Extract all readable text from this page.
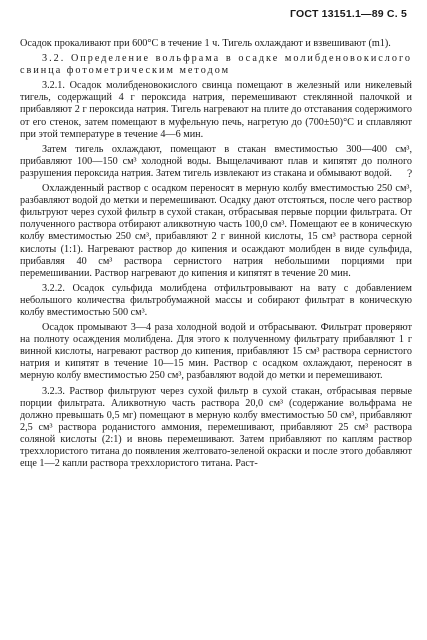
ГОСТ 13151.1—89 С. 5

Осадок прокаливают при 600°C в течение 1 ч. Тигель охлаждают и взвешивают (m1).

3.2. Определение вольфрама в осадке молибденовокислого свинца фотометрическим методом

3.2.1. Осадок молибденовокислого свинца помещают в железный или никелевый тигель, содержащий 4 г пероксида натрия, перемешивают стеклянной палочкой и прибавляют 2 г пероксида натрия. Тигель нагревают на плите до отставания содержимого от его стенок, затем помещают в муфельную печь, нагретую до (700±50)°C и сплавляют при этой температуре в течение 4—6 мин.

Затем тигель охлаждают, помещают в стакан вместимостью 300—400 см³, прибавляют 100—150 см³ холодной воды. Выщелачивают плав и кипятят до полного разрушения пероксида натрия. Затем тигель извлекают из стакана и обмывают водой.

Охлажденный раствор с осадком переносят в мерную колбу вместимостью 250 см³, разбавляют водой до метки и перемешивают. Осадку дают отстояться, после чего раствор фильтруют через сухой фильтр в сухой стакан, отбрасывая первые порции фильтрата. От полученного раствора отбирают аликвотную часть 100,0 см³. Помещают ее в коническую колбу вместимостью 250 см³, прибавляют 2 г винной кислоты, 15 см³ раствора серной кислоты (1:1). Нагревают раствор до кипения и осаждают молибден в виде сульфида, прибавляя 40 см³ раствора сернистого натрия небольшими порциями при перемешивании. Раствор нагревают до кипения и кипятят в течение 20 мин.

3.2.2. Осадок сульфида молибдена отфильтровывают на вату с добавлением небольшого количества фильтробумажной массы и собирают фильтрат в коническую колбу вместимостью 500 см³.

Осадок промывают 3—4 раза холодной водой и отбрасывают. Фильтрат проверяют на полноту осаждения молибдена. Для этого к полученному фильтрату прибавляют 1 г винной кислоты, нагревают раствор до кипения, прибавляют 15 см³ раствора сернистого натрия и кипятят в течение 10—15 мин. Раствор с осадком охлаждают, переносят в мерную колбу вместимостью 250 см³, разбавляют водой до метки и перемешивают.

3.2.3. Раствор фильтруют через сухой фильтр в сухой стакан, отбрасывая первые порции фильтрата. Аликвотную часть раствора 20,0 см³ (содержание вольфрама не должно превышать 0,5 мг) помещают в мерную колбу вместимостью 50 см³, прибавляют 2,5 см³ раствора роданистого аммония, перемешивают, прибавляют 25 см³ раствора соляной кислоты (2:1) и вновь перемешивают. Затем прибавляют по каплям раствор треххлористого титана до появления желтовато-зеленой окраски и после этого добавляют еще 1—2 капли раствора треххлористого титана. Раст-

?
